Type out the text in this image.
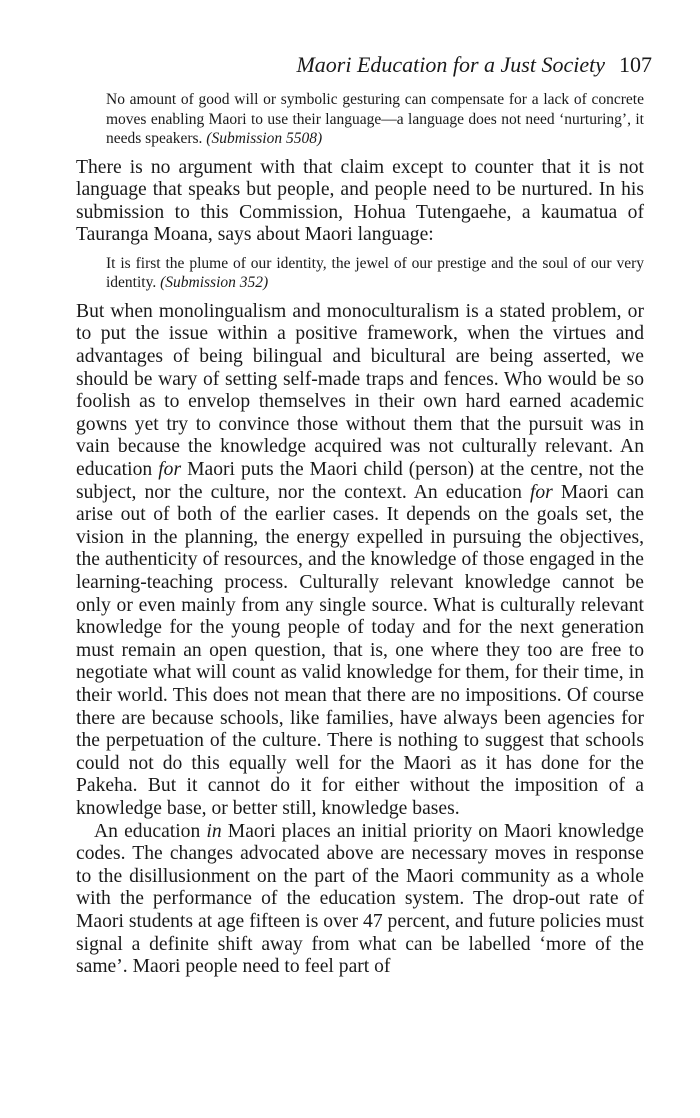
Maori Education for a Just Society 107

No amount of good will or symbolic gesturing can compensate for a lack of concrete moves enabling Maori to use their language—a language does not need ‘nurturing’, it needs speakers. (Submission 5508)

There is no argument with that claim except to counter that it is not language that speaks but people, and people need to be nurtured. In his submission to this Commission, Hohua Tutengaehe, a kaumatua of Tauranga Moana, says about Maori language:

It is first the plume of our identity, the jewel of our prestige and the soul of our very identity. (Submission 352)

But when monolingualism and monoculturalism is a stated problem, or to put the issue within a positive framework, when the virtues and advantages of being bilingual and bicultural are being asserted, we should be wary of setting self-made traps and fences. Who would be so foolish as to envelop themselves in their own hard earned academic gowns yet try to convince those without them that the pursuit was in vain because the knowledge acquired was not culturally relevant. An education for Maori puts the Maori child (person) at the centre, not the subject, nor the culture, nor the context. An education for Maori can arise out of both of the earlier cases. It depends on the goals set, the vision in the planning, the energy expelled in pursuing the objectives, the authenticity of resources, and the knowledge of those engaged in the learning-teaching process. Culturally relevant knowledge cannot be only or even mainly from any single source. What is culturally relevant knowledge for the young people of today and for the next generation must remain an open question, that is, one where they too are free to negotiate what will count as valid knowledge for them, for their time, in their world. This does not mean that there are no impositions. Of course there are because schools, like families, have always been agencies for the perpetuation of the culture. There is nothing to suggest that schools could not do this equally well for the Maori as it has done for the Pakeha. But it cannot do it for either without the imposition of a knowledge base, or better still, knowledge bases.

An education in Maori places an initial priority on Maori knowledge codes. The changes advocated above are necessary moves in response to the disillusionment on the part of the Maori community as a whole with the performance of the education system. The drop-out rate of Maori students at age fifteen is over 47 percent, and future policies must signal a definite shift away from what can be labelled ‘more of the same’. Maori people need to feel part of
